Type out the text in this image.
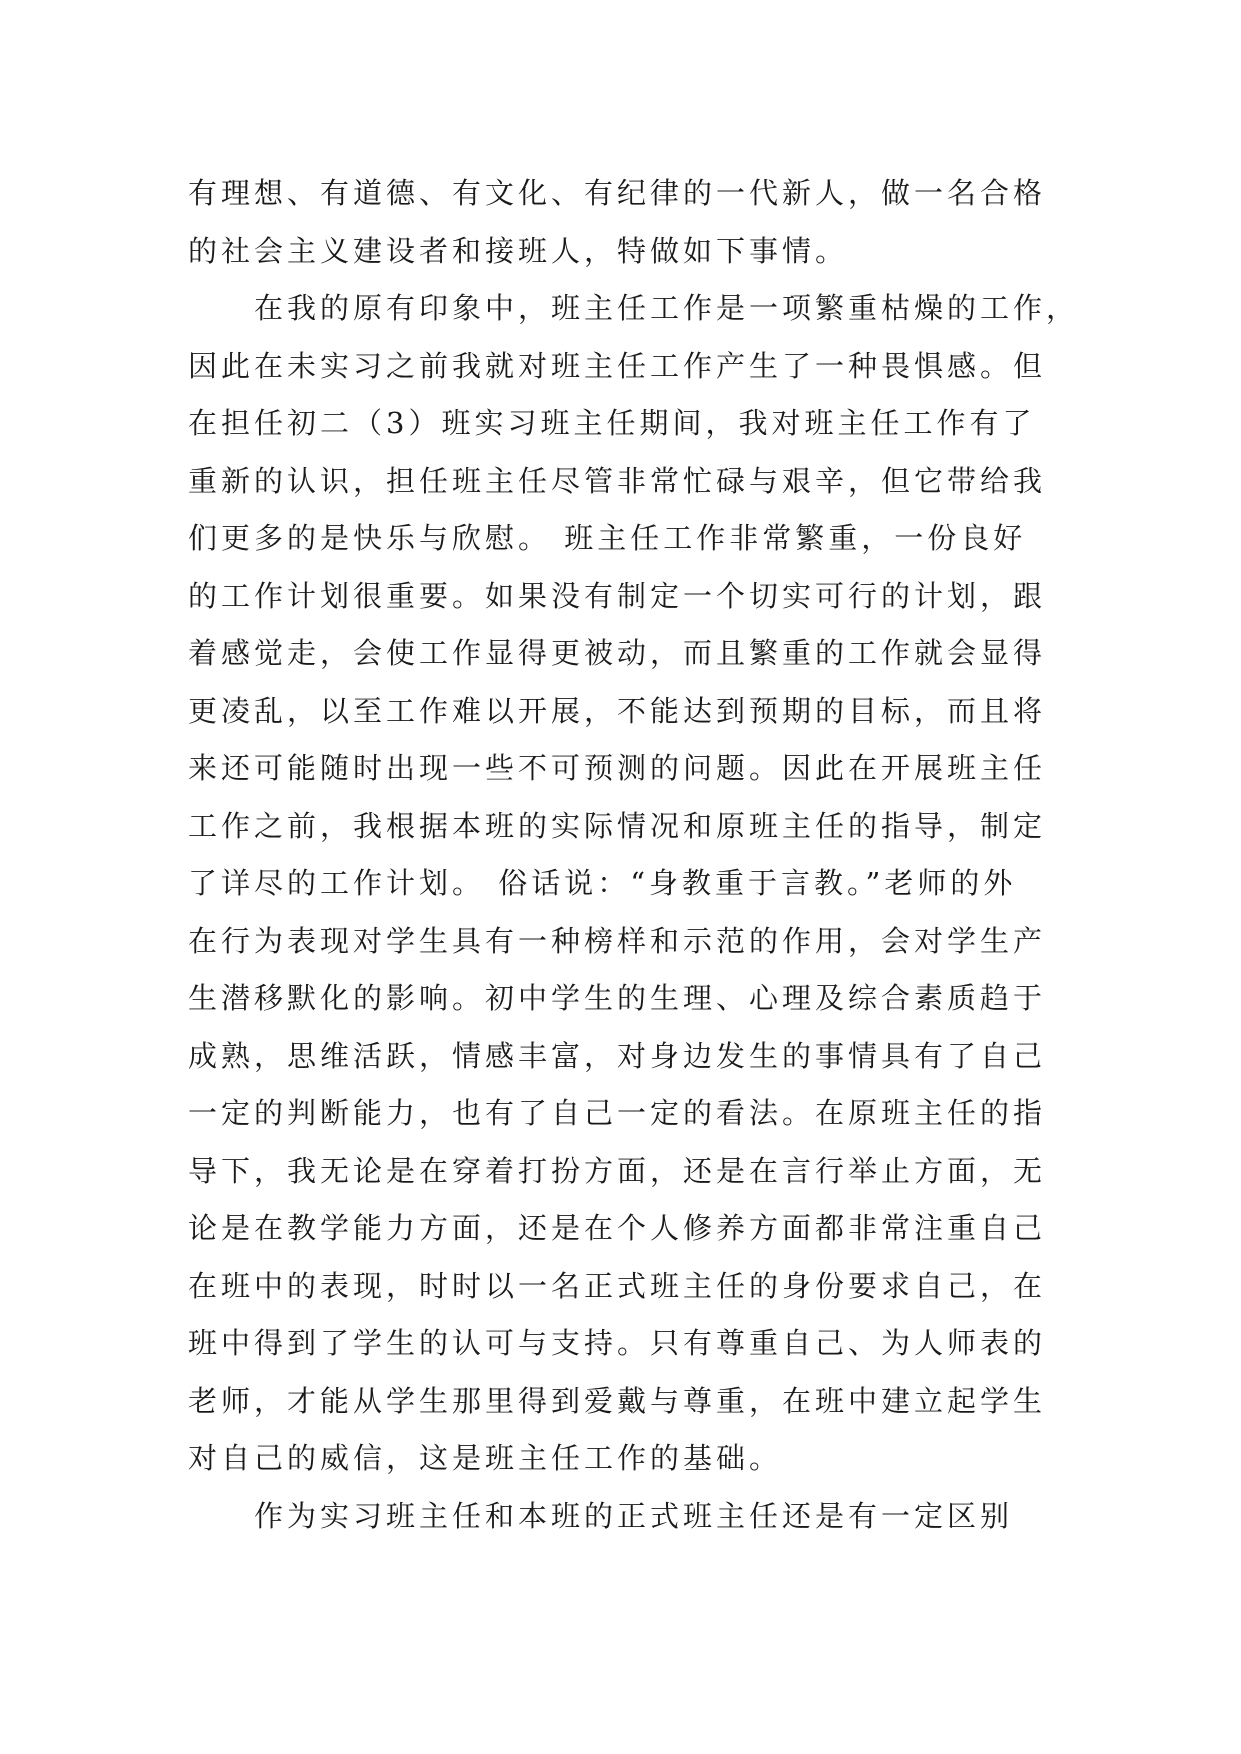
有理想、有道德、有文化、有纪律的一代新人，做一名合格
的社会主义建设者和接班人，特做如下事情。
　　在我的原有印象中，班主任工作是一项繁重枯燥的工作，
因此在未实习之前我就对班主任工作产生了一种畏惧感。但
在担任初二（3）班实习班主任期间，我对班主任工作有了
重新的认识，担任班主任尽管非常忙碌与艰辛，但它带给我
们更多的是快乐与欣慰。 班主任工作非常繁重，一份良好
的工作计划很重要。如果没有制定一个切实可行的计划，跟
着感觉走，会使工作显得更被动，而且繁重的工作就会显得
更凌乱，以至工作难以开展，不能达到预期的目标，而且将
来还可能随时出现一些不可预测的问题。因此在开展班主任
工作之前，我根据本班的实际情况和原班主任的指导，制定
了详尽的工作计划。 俗话说：“身教重于言教。”老师的外
在行为表现对学生具有一种榜样和示范的作用，会对学生产
生潜移默化的影响。初中学生的生理、心理及综合素质趋于
成熟，思维活跃，情感丰富，对身边发生的事情具有了自己
一定的判断能力，也有了自己一定的看法。在原班主任的指
导下，我无论是在穿着打扮方面，还是在言行举止方面，无
论是在教学能力方面，还是在个人修养方面都非常注重自己
在班中的表现，时时以一名正式班主任的身份要求自己，在
班中得到了学生的认可与支持。只有尊重自己、为人师表的
老师，才能从学生那里得到爱戴与尊重，在班中建立起学生
对自己的威信，这是班主任工作的基础。
　　作为实习班主任和本班的正式班主任还是有一定区别
